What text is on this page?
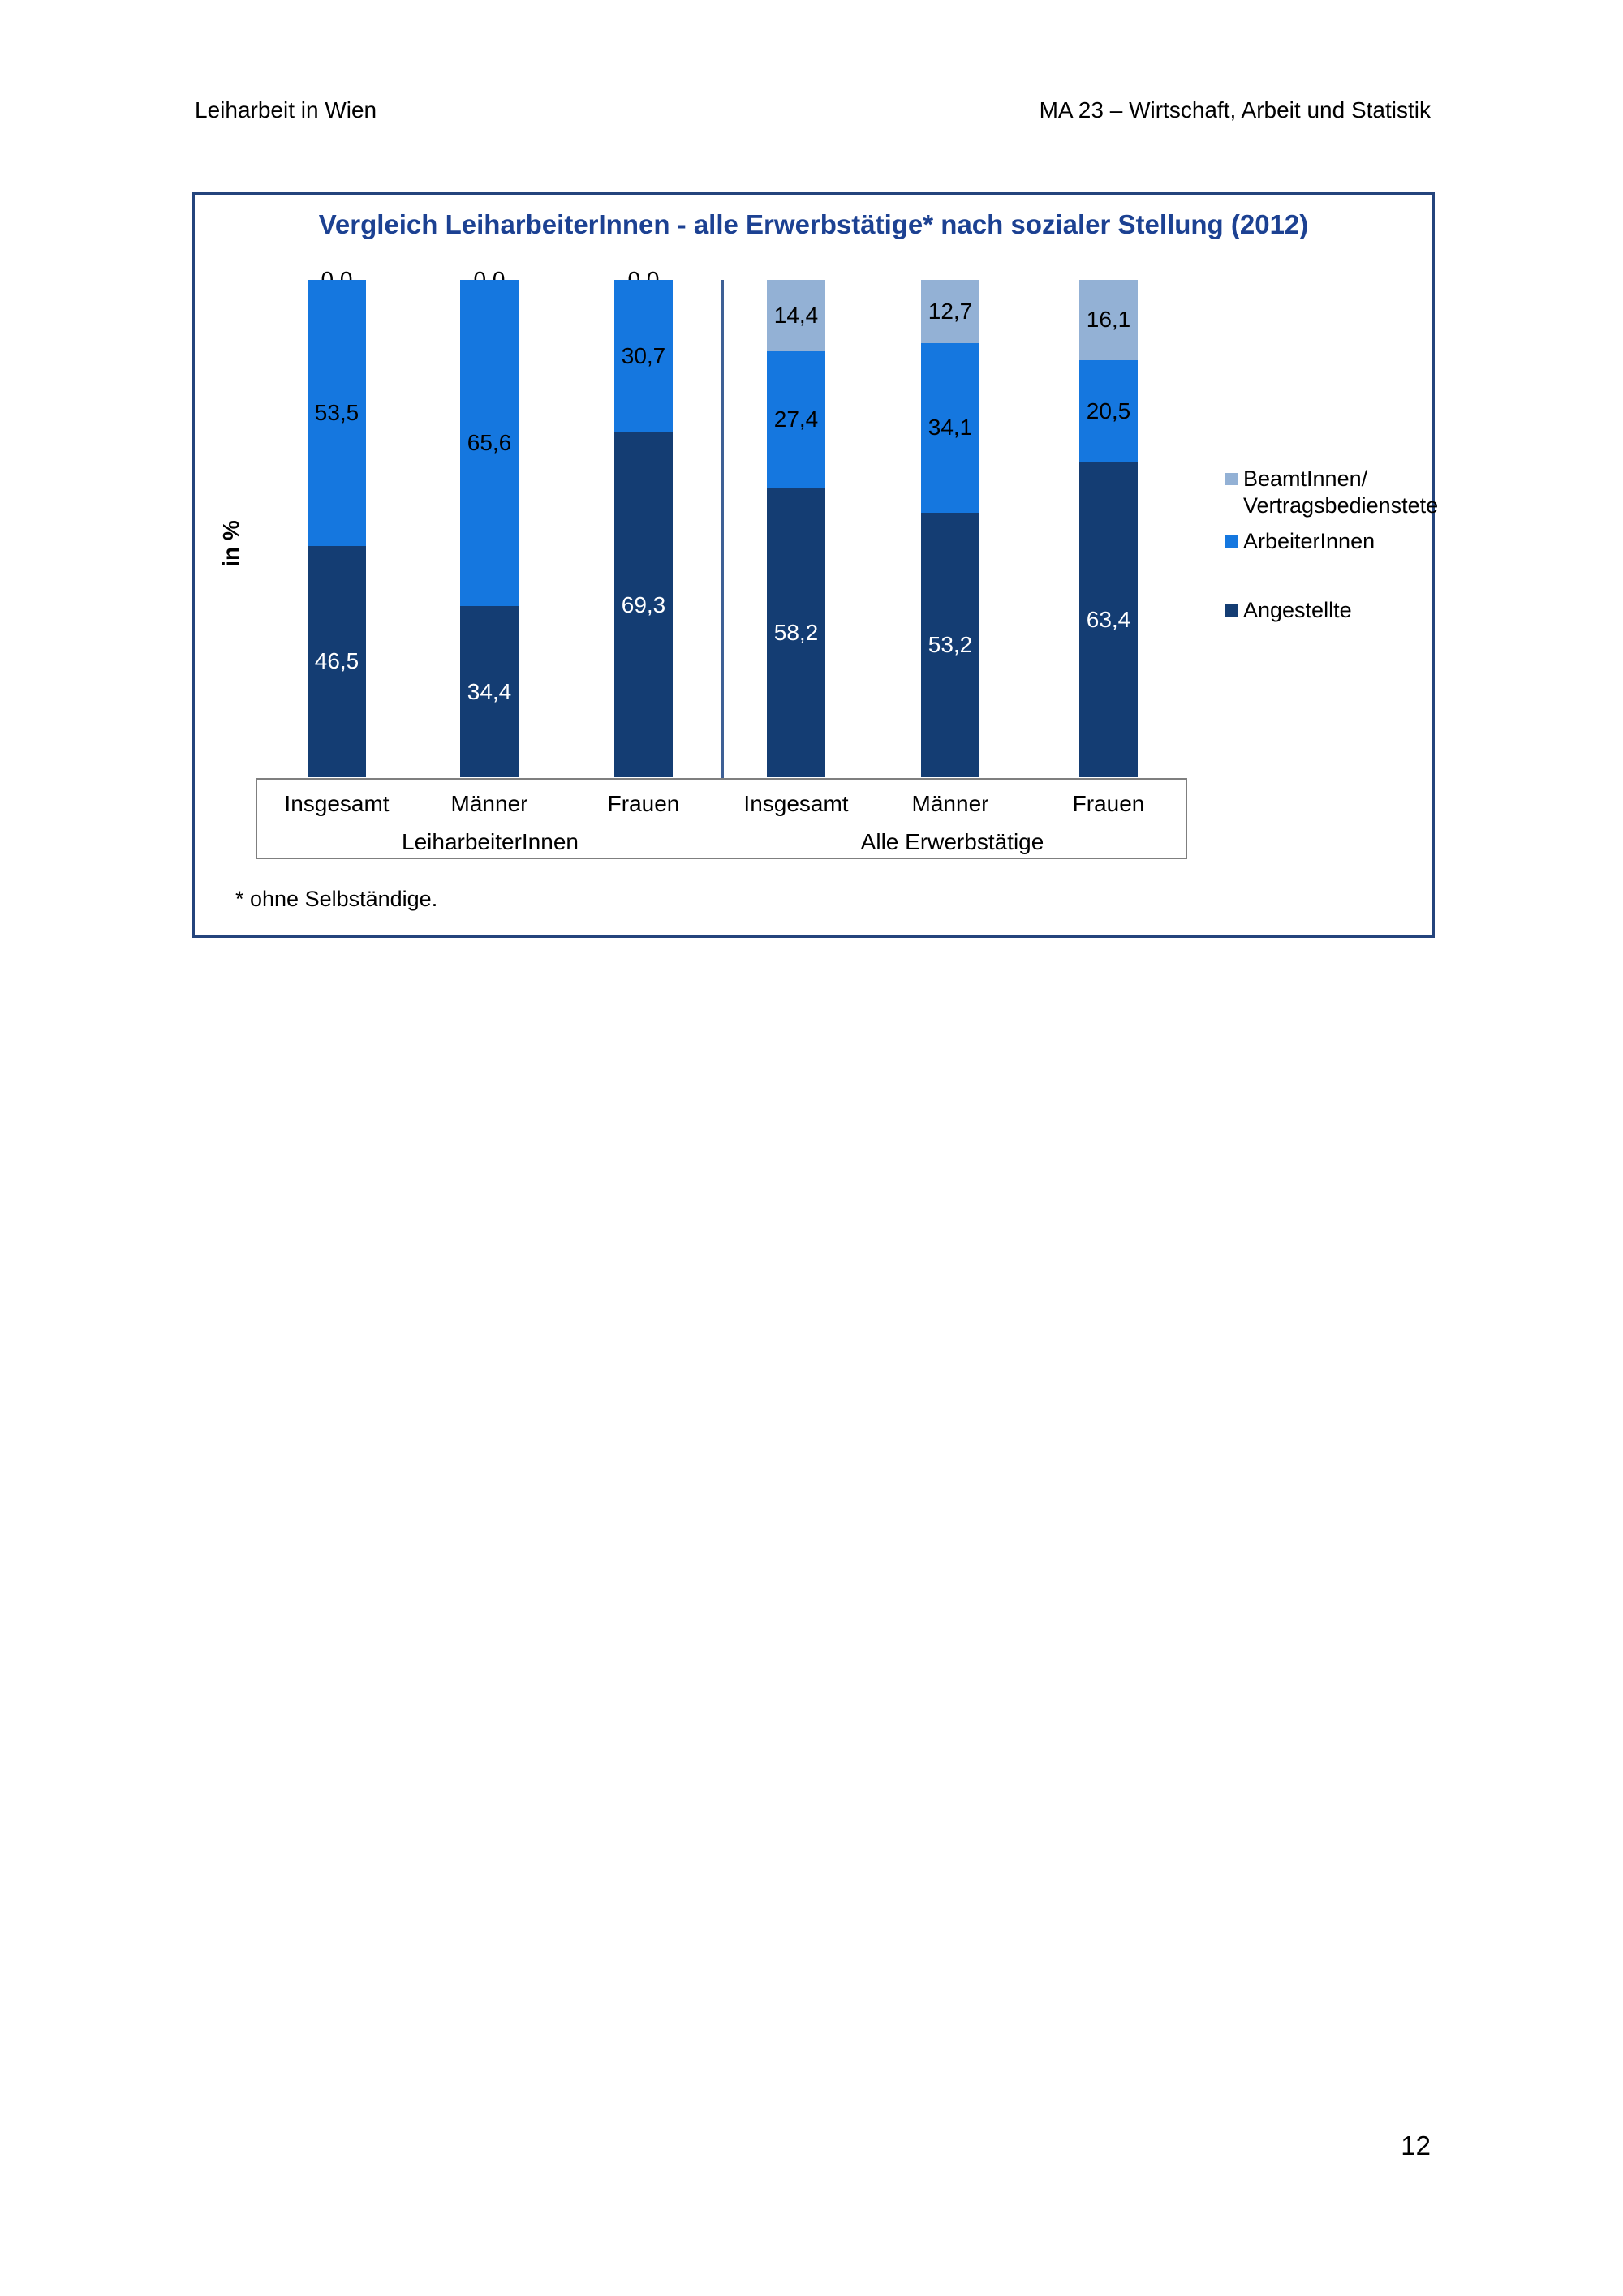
Leiharbeit in Wien	MA 23 – Wirtschaft, Arbeit und Statistik
Vergleich LeiharbeiterInnen - alle Erwerbstätige* nach sozialer Stellung (2012)
in %
53,5
46,5
65,6
34,4
30,7
69,3
14,4
27,4
58,2
12,7
34,1
53,2
16,1
20,5
63,4
Insgesamt	Männer	Frauen	Insgesamt	Männer	Frauen
LeiharbeiterInnen	Alle Erwerbstätige
* ohne Selbständige.
BeamtInnen/
Vertragsbedienstete
ArbeiterInnen
Angestellte
12
